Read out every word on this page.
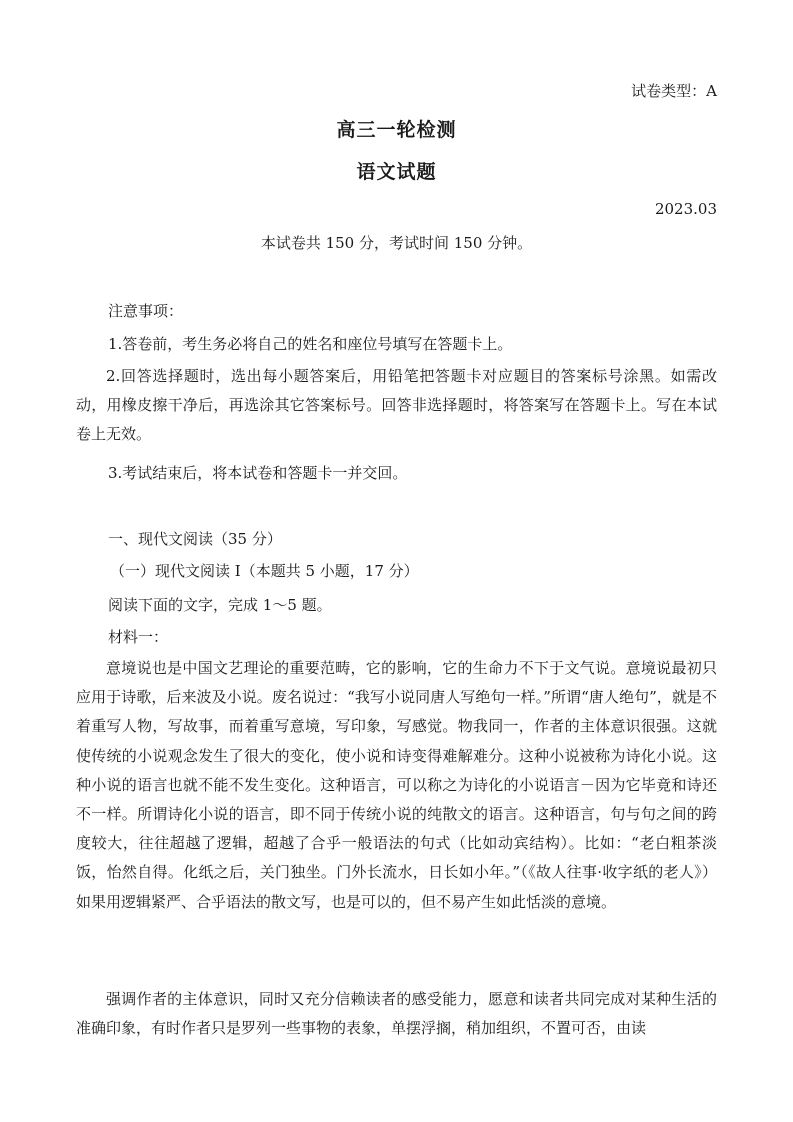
试卷类型：A
高三一轮检测
语文试题
2023.03
本试卷共 150 分，考试时间 150 分钟。
注意事项：
1.答卷前，考生务必将自己的姓名和座位号填写在答题卡上。
2.回答选择题时，选出每小题答案后，用铅笔把答题卡对应题目的答案标号涂黑。如需改动，用橡皮擦干净后，再选涂其它答案标号。回答非选择题时，将答案写在答题卡上。写在本试卷上无效。
3.考试结束后，将本试卷和答题卡一并交回。
一、现代文阅读（35 分）
（一）现代文阅读 I（本题共 5 小题，17 分）
阅读下面的文字，完成 1～5 题。
材料一：
意境说也是中国文艺理论的重要范畴，它的影响，它的生命力不下于文气说。意境说最初只应用于诗歌，后来波及小说。废名说过：“我写小说同唐人写绝句一样。”所谓“唐人绝句”，就是不着重写人物，写故事，而着重写意境，写印象，写感觉。物我同一，作者的主体意识很强。这就使传统的小说观念发生了很大的变化，使小说和诗变得难解难分。这种小说被称为诗化小说。这种小说的语言也就不能不发生变化。这种语言，可以称之为诗化的小说语言－因为它毕竟和诗还不一样。所谓诗化小说的语言，即不同于传统小说的纯散文的语言。这种语言，句与句之间的跨度较大，往往超越了逻辑，超越了合乎一般语法的句式（比如动宾结构）。比如：“老白粗茶淡饭，怡然自得。化纸之后，关门独坐。门外长流水，日长如小年。”（《故人往事·收字纸的老人》）如果用逻辑紧严、合乎语法的散文写，也是可以的，但不易产生如此恬淡的意境。
强调作者的主体意识，同时又充分信赖读者的感受能力，愿意和读者共同完成对某种生活的准确印象，有时作者只是罗列一些事物的表象，单摆浮搁，稍加组织，不置可否，由读
